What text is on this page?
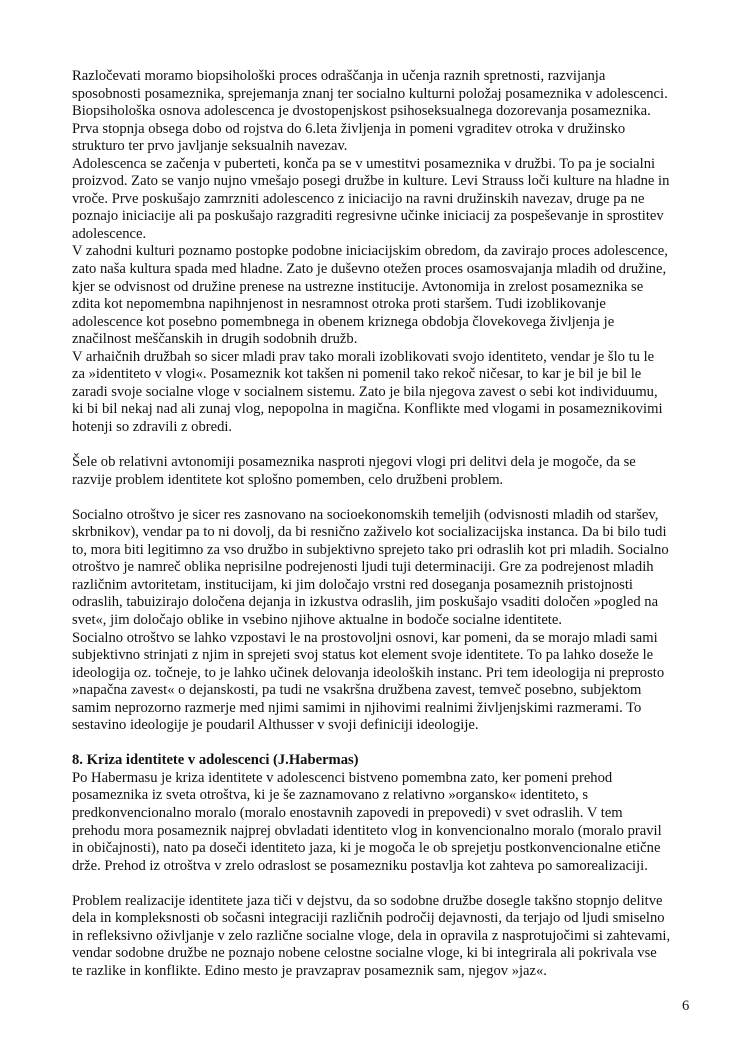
Razločevati moramo biopsihološki proces odraščanja in učenja raznih spretnosti, razvijanja
sposobnosti posameznika, sprejemanja znanj ter socialno kulturni položaj posameznika v adolescenci.
Biopsihološka osnova adolescenca je dvostopenjskost psihoseksualnega dozorevanja posameznika.
Prva stopnja obsega dobo od rojstva do 6.leta življenja in pomeni vgraditev otroka v družinsko
strukturo ter prvo javljanje seksualnih navezav.
Adolescenca se začenja v puberteti, konča pa se v umestitvi posameznika v družbi. To pa je socialni
proizvod. Zato se vanjo nujno vmešajo posegi družbe in kulture. Levi Strauss loči kulture na hladne in
vroče. Prve poskušajo zamrzniti adolescenco z iniciacijo na ravni družinskih navezav, druge pa ne
poznajo iniciacije ali pa poskušajo razgraditi regresivne učinke iniciacij za pospeševanje in sprostitev
adolescence.
V zahodni kulturi poznamo postopke podobne iniciacijskim obredom, da zavirajo proces adolescence,
zato naša kultura spada med hladne. Zato je duševno otežen proces osamosvajanja mladih od družine,
kjer se odvisnost od družine prenese na ustrezne institucije. Avtonomija in zrelost posameznika se
zdita kot nepomembna napihnjenost in nesramnost otroka proti staršem. Tudi izoblikovanje
adolescence kot posebno pomembnega in obenem kriznega obdobja človekovega življenja je
značilnost meščanskih in drugih sodobnih družb.
V arhaičnih družbah so sicer mladi prav tako morali izoblikovati svojo identiteto, vendar je šlo tu le
za »identiteto v vlogi«. Posameznik kot takšen ni pomenil tako rekoč ničesar, to kar je bil je bil le
zaradi svoje socialne vloge v socialnem sistemu. Zato je bila njegova zavest o sebi kot individuumu,
ki bi bil nekaj nad ali zunaj vlog, nepopolna in magična. Konflikte med vlogami in posameznikovimi
hotenji so zdravili z obredi.
Šele ob relativni avtonomiji posameznika nasproti njegovi vlogi pri delitvi dela je mogoče, da se
razvije problem identitete kot splošno pomemben, celo družbeni problem.
Socialno otroštvo je sicer res zasnovano na socioekonomskih temeljih (odvisnosti mladih od staršev,
skrbnikov), vendar pa to ni dovolj, da bi resnično zaživelo kot socializacijska instanca. Da bi bilo tudi
to, mora biti legitimno za vso družbo in subjektivno sprejeto tako pri odraslih kot pri mladih. Socialno
otroštvo je namreč oblika neprisilne podrejenosti ljudi tuji determinaciji. Gre za podrejenost mladih
različnim avtoritetam, institucijam, ki jim določajo vrstni red doseganja posameznih pristojnosti
odraslih, tabuizirajo določena dejanja in izkustva odraslih, jim poskušajo vsaditi določen »pogled na
svet«, jim določajo oblike in vsebino njihove aktualne in bodoče socialne identitete.
Socialno otroštvo se lahko vzpostavi le na prostovoljni osnovi, kar pomeni, da se morajo mladi sami
subjektivno strinjati z njim in sprejeti svoj status kot element svoje identitete. To pa lahko doseže le
ideologija oz. točneje, to je lahko učinek delovanja ideoloških instanc. Pri tem ideologija ni preprosto
»napačna zavest« o dejanskosti, pa tudi ne vsakršna družbena zavest, temveč posebno, subjektom
samim neprozorno razmerje med njimi samimi in njihovimi realnimi življenjskimi razmerami. To
sestavino ideologije je poudaril Althusser v svoji definiciji ideologije.
8. Kriza identitete v adolescenci (J.Habermas)
Po Habermasu je kriza identitete v adolescenci bistveno pomembna zato, ker pomeni prehod
posameznika iz sveta otroštva, ki je še zaznamovano z relativno »organsko« identiteto, s
predkonvencionalno moralo (moralo enostavnih zapovedi in prepovedi) v svet odraslih. V tem
prehodu mora posameznik najprej obvladati identiteto vlog in konvencionalno moralo (moralo pravil
in običajnosti), nato pa doseči identiteto jaza, ki je mogoča le ob sprejetju postkonvencionalne etične
drže. Prehod iz otroštva v zrelo odraslost se posamezniku postavlja kot zahteva po samorealizaciji.
Problem realizacije identitete jaza tiči v dejstvu, da so sodobne družbe dosegle takšno stopnjo delitve
dela in kompleksnosti ob sočasni integraciji različnih področij dejavnosti, da terjajo od ljudi smiselno
in refleksivno oživljanje v zelo različne socialne vloge, dela in opravila z nasprotujočimi si zahtevami,
vendar sodobne družbe ne poznajo nobene celostne socialne vloge, ki bi integrirala ali pokrivala vse
te razlike in konflikte. Edino mesto je pravzaprav posameznik sam, njegov »jaz«.
6
